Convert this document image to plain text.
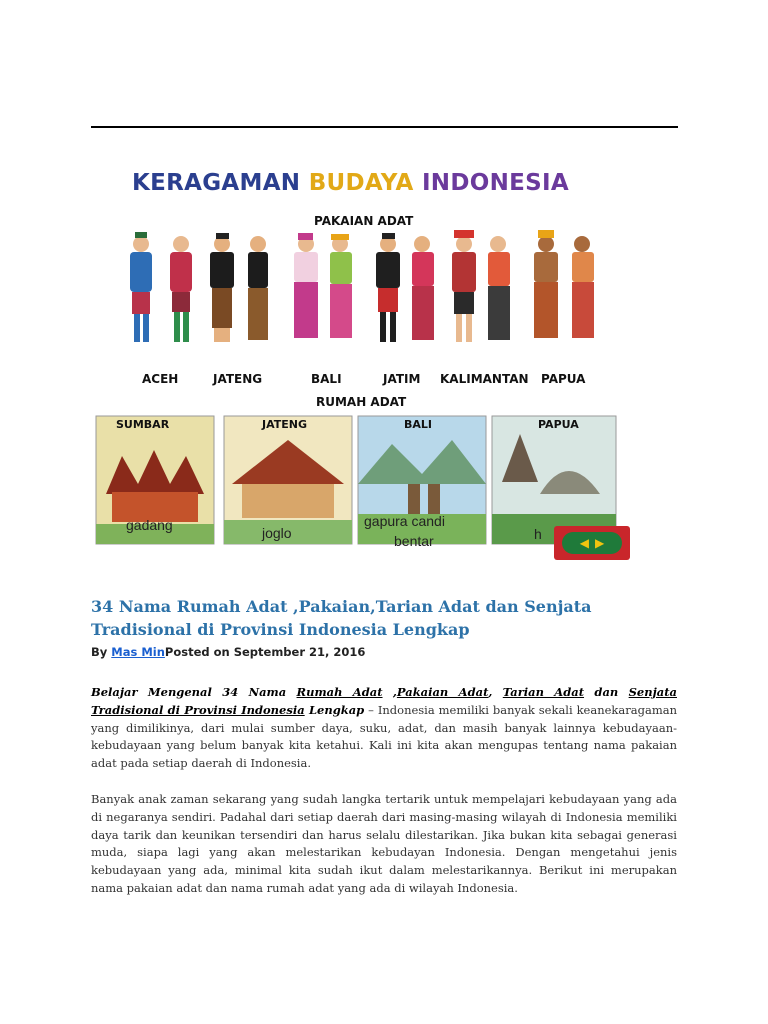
KERAGAMAN BUDAYA INDONESIA
PAKAIAN ADAT
ACEH	JATENG	BALI	JATIM KALIMANTAN PAPUA
RUMAH ADAT
SUMBAR
gadang
JATENG
joglo
BALI
gapura candi
bentar
PAPUA
h
◀ ▶
34 Nama Rumah Adat ,Pakaian,Tarian Adat dan Senjata Tradisional di Provinsi Indonesia Lengkap
By Mas MinPosted on September 21, 2016

Belajar Mengenal 34 Nama Rumah Adat ,Pakaian Adat, Tarian Adat dan Senjata Tradisional di Provinsi Indonesia Lengkap – Indonesia memiliki banyak sekali keanekaragaman yang dimilikinya, dari mulai sumber daya, suku, adat, dan masih banyak lainnya kebudayaan-kebudayaan yang belum banyak kita ketahui. Kali ini kita akan mengupas tentang nama pakaian adat pada setiap daerah di Indonesia.

Banyak anak zaman sekarang yang sudah langka tertarik untuk mempelajari kebudayaan yang ada di negaranya sendiri. Padahal dari setiap daerah dari masing-masing wilayah di Indonesia memiliki daya tarik dan keunikan tersendiri dan harus selalu dilestarikan. Jika bukan kita sebagai generasi muda, siapa lagi yang akan melestarikan kebudayan Indonesia. Dengan mengetahui jenis kebudayaan yang ada, minimal kita sudah ikut dalam melestarikannya. Berikut ini merupakan nama pakaian adat dan nama rumah adat yang ada di wilayah Indonesia.
